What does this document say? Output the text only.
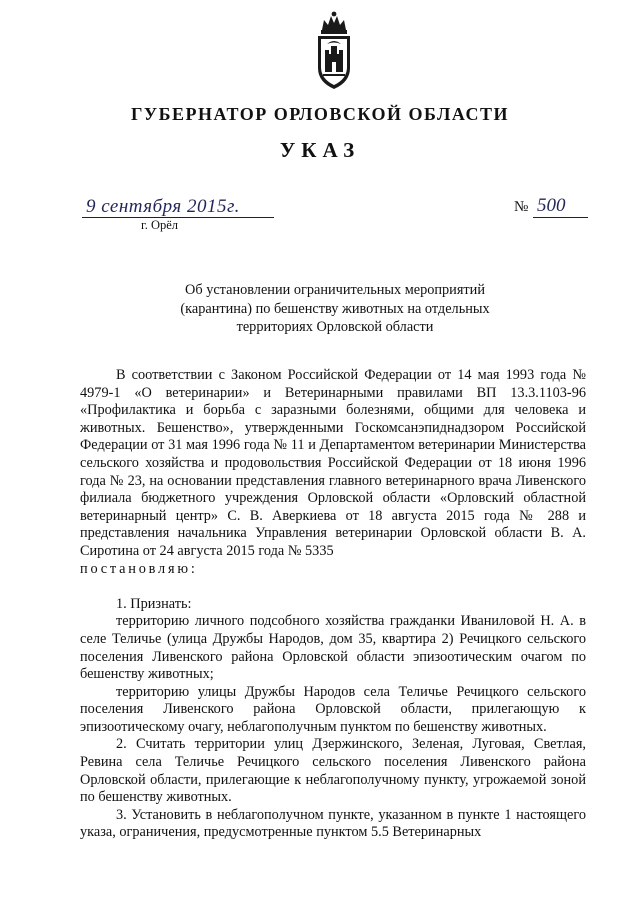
ГУБЕРНАТОР ОРЛОВСКОЙ ОБЛАСТИ
УКАЗ
9 сентября 2015г.
г. Орёл
№ 500
Об установлении ограничительных мероприятий
(карантина) по бешенству животных на отдельных
территориях Орловской области

В соответствии с Законом Российской Федерации от 14 мая 1993 года № 4979-1 «О ветеринарии» и Ветеринарными правилами ВП 13.3.1103-96 «Профилактика и борьба с заразными болезнями, общими для человека и животных. Бешенство», утвержденными Госкомсанэпиднадзором Российской Федерации от 31 мая 1996 года № 11 и Департаментом ветеринарии Министерства сельского хозяйства и продовольствия Российской Федерации от 18 июня 1996 года № 23, на основании представления главного ветеринарного врача Ливенского филиала бюджетного учреждения Орловской области «Орловский областной ветеринарный центр» С. В. Аверкиева от 18 августа 2015 года № 288 и представления начальника Управления ветеринарии Орловской области В. А. Сиротина от 24 августа 2015 года № 5335

постановляю:

1. Признать:

территорию личного подсобного хозяйства гражданки Иваниловой Н. А. в селе Теличье (улица Дружбы Народов, дом 35, квартира 2) Речицкого сельского поселения Ливенского района Орловской области эпизоотическим очагом по бешенству животных;

территорию улицы Дружбы Народов села Теличье Речицкого сельского поселения Ливенского района Орловской области, прилегающую к эпизоотическому очагу, неблагополучным пунктом по бешенству животных.

2. Считать территории улиц Дзержинского, Зеленая, Луговая, Светлая, Ревина села Теличье Речицкого сельского поселения Ливенского района Орловской области, прилегающие к неблагополучному пункту, угрожаемой зоной по бешенству животных.

3. Установить в неблагополучном пункте, указанном в пункте 1 настоящего указа, ограничения, предусмотренные пунктом 5.5 Ветеринарных
